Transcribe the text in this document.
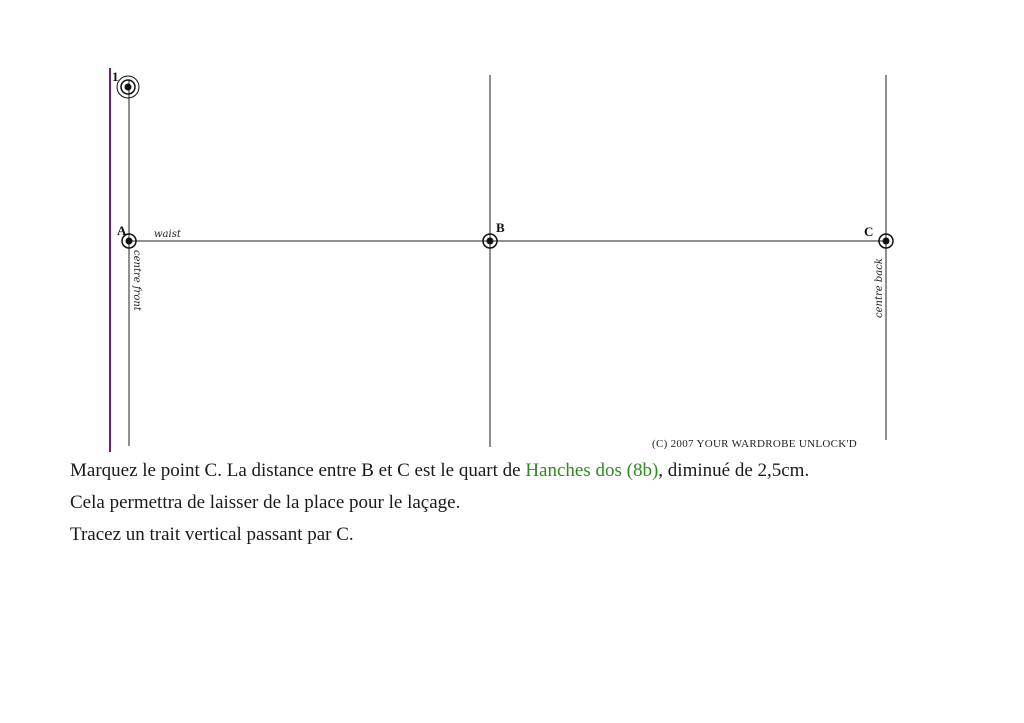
1
A	B	C
waist
centre front	centre back
(C) 2007 YOUR WARDROBE UNLOCK'D

Marquez le point C. La distance entre B et C est le quart de Hanches dos (8b), diminué de 2,5cm.

Cela permettra de laisser de la place pour le laçage.

Tracez un trait vertical passant par C.
